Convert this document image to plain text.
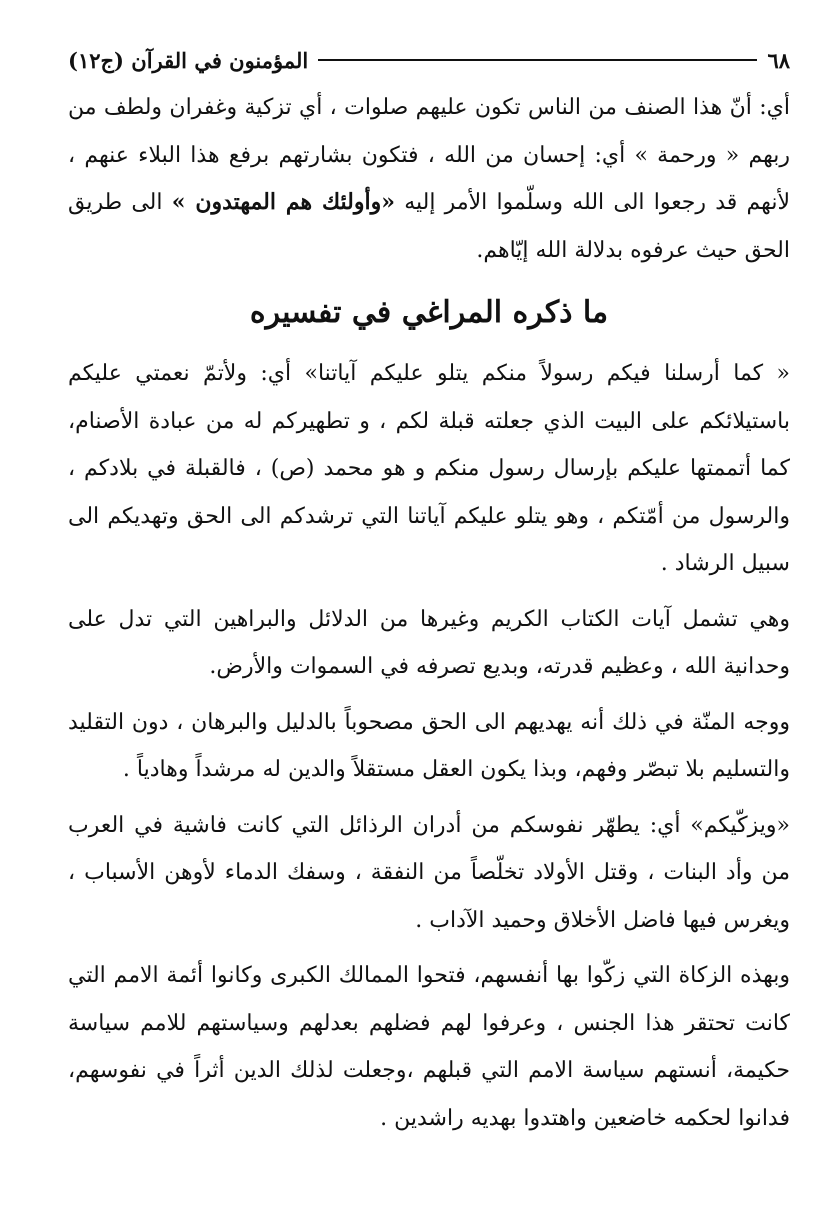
٦٨
المؤمنون في القرآن (ج١٢)

أي: أنّ هذا الصنف من الناس تكون عليهم صلوات ، أي تزكية وغفران ولطف من ربهم « ورحمة » أي: إحسان من الله ، فتكون بشارتهم برفع هذا البلاء عنهم ، لأنهم قد رجعوا الى الله وسلّموا الأمر إليه «وأولئك هم المهتدون » الى طريق الحق حيث عرفوه بدلالة الله إيّاهم.

ما ذكره المراغي في تفسيره

« كما أرسلنا فيكم رسولاً منكم يتلو عليكم آياتنا» أي: ولأتمّ نعمتي عليكم باستيلائكم على البيت الذي جعلته قبلة لكم ، و تطهيركم له من عبادة الأصنام، كما أتممتها عليكم بإرسال رسول منكم و هو محمد (ص) ، فالقبلة في بلادكم ، والرسول من أمّتكم ، وهو يتلو عليكم آياتنا التي ترشدكم الى الحق وتهديكم الى سبيل الرشاد .

وهي تشمل آيات الكتاب الكريم وغيرها من الدلائل والبراهين التي تدل على وحدانية الله ، وعظيم قدرته، وبديع تصرفه في السموات والأرض.

ووجه المنّة في ذلك أنه يهديهم الى الحق مصحوباً بالدليل والبرهان ، دون التقليد والتسليم بلا تبصّر وفهم، وبذا يكون العقل مستقلاً والدين له مرشداً وهادياً .

«ويزكّيكم» أي: يطهّر نفوسكم من أدران الرذائل التي كانت فاشية في العرب من وأد البنات ، وقتل الأولاد تخلّصاً من النفقة ، وسفك الدماء لأوهن الأسباب ، ويغرس فيها فاضل الأخلاق وحميد الآداب .

وبهذه الزكاة التي زكّوا بها أنفسهم، فتحوا الممالك الكبرى وكانوا أئمة الامم التي كانت تحتقر هذا الجنس ، وعرفوا لهم فضلهم بعدلهم وسياستهم للامم سياسة حكيمة، أنستهم سياسة الامم التي قبلهم ،وجعلت لذلك الدين أثراً في نفوسهم، فدانوا لحكمه خاضعين واهتدوا بهديه راشدين .
